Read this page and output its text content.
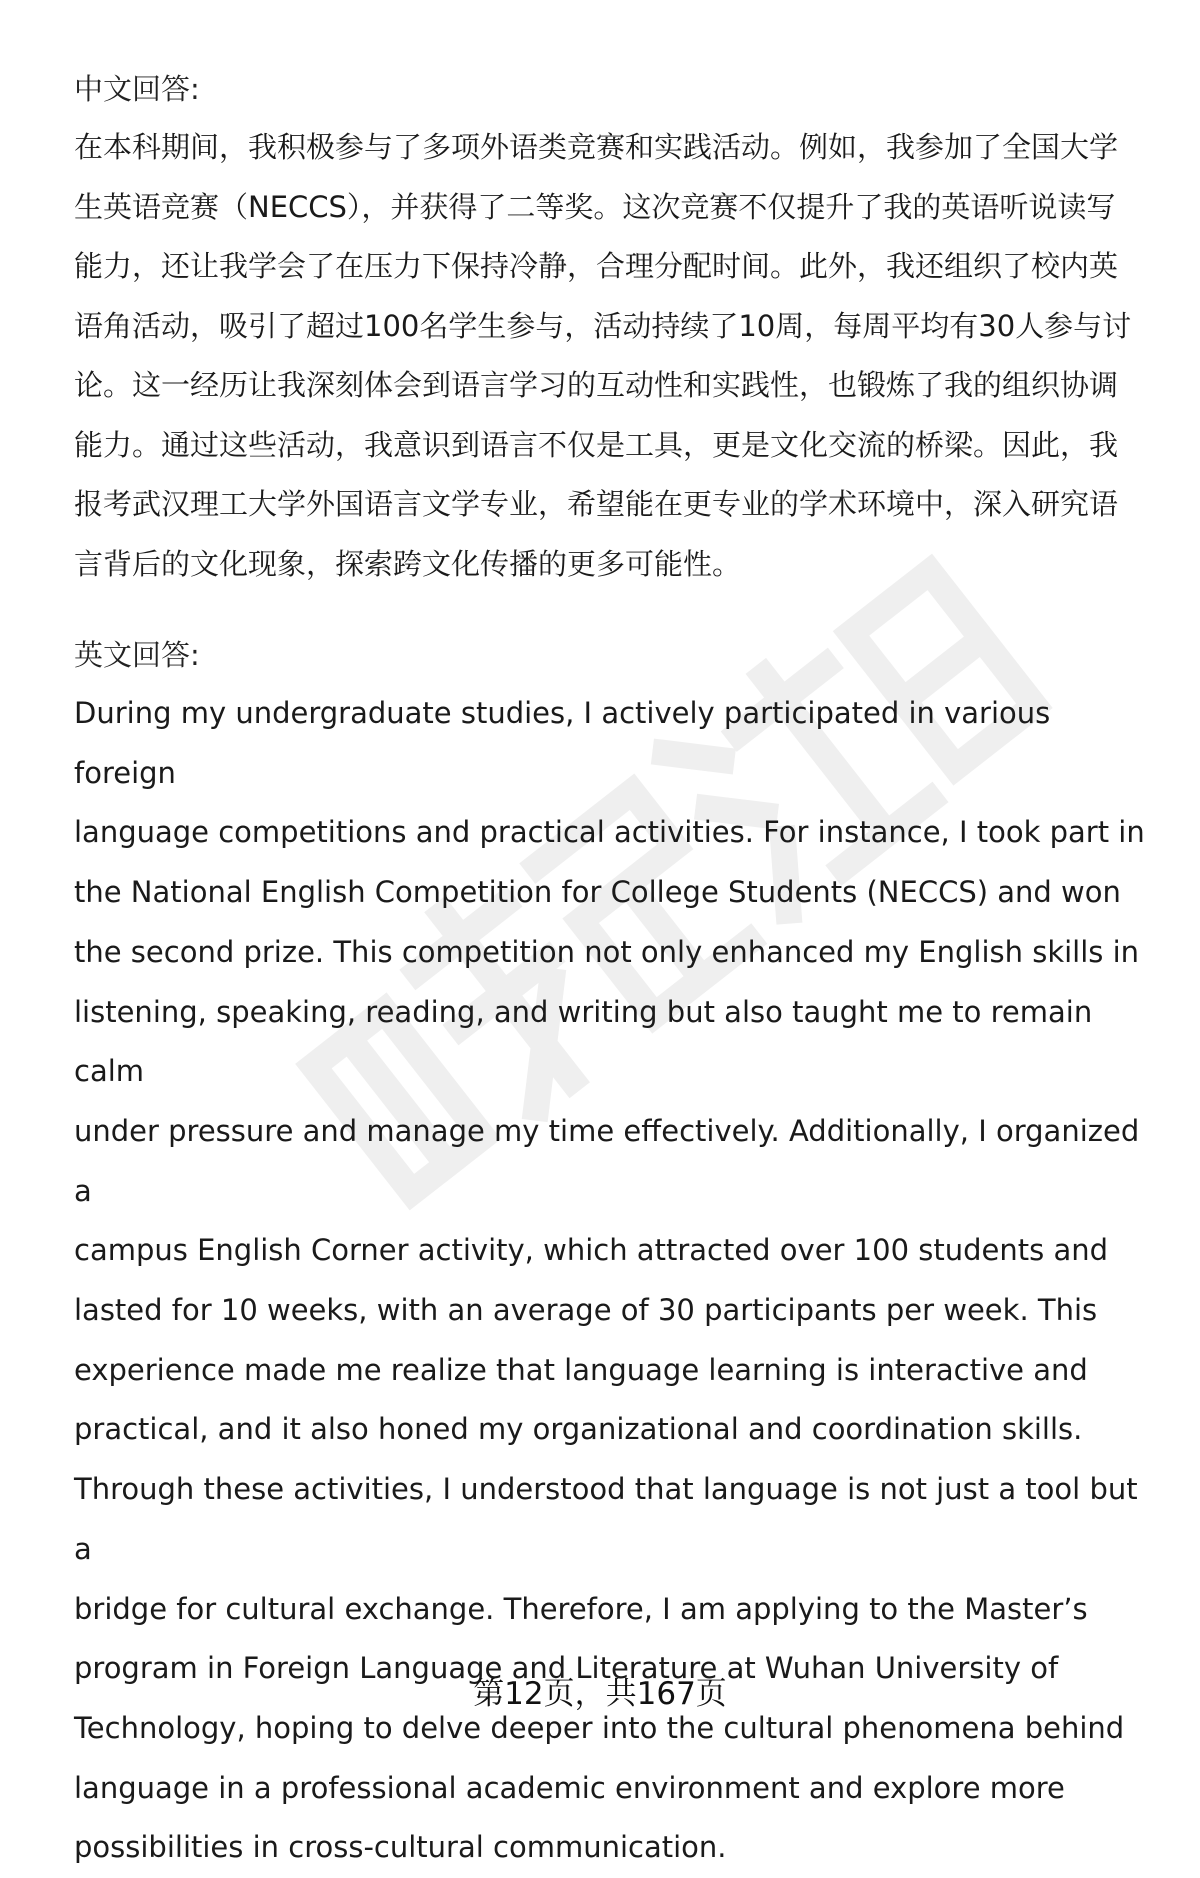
中文回答:

在本科期间，我积极参与了多项外语类竞赛和实践活动。例如，我参加了全国大学

生英语竞赛（NECCS），并获得了二等奖。这次竞赛不仅提升了我的英语听说读写

能力，还让我学会了在压力下保持冷静，合理分配时间。此外，我还组织了校内英

语角活动，吸引了超过100名学生参与，活动持续了10周，每周平均有30人参与讨

论。这一经历让我深刻体会到语言学习的互动性和实践性，也锻炼了我的组织协调

能力。通过这些活动，我意识到语言不仅是工具，更是文化交流的桥梁。因此，我

报考武汉理工大学外国语言文学专业，希望能在更专业的学术环境中，深入研究语

言背后的文化现象，探索跨文化传播的更多可能性。

英文回答:

During my undergraduate studies, I actively participated in various foreign

language competitions and practical activities. For instance, I took part in

the National English Competition for College Students (NECCS) and won

the second prize. This competition not only enhanced my English skills in

listening, speaking, reading, and writing but also taught me to remain calm

under pressure and manage my time effectively. Additionally, I organized a

campus English Corner activity, which attracted over 100 students and

lasted for 10 weeks, with an average of 30 participants per week. This

experience made me realize that language learning is interactive and

practical, and it also honed my organizational and coordination skills.

Through these activities, I understood that language is not just a tool but a

bridge for cultural exchange. Therefore, I am applying to the Master’s

program in Foreign Language and Literature at Wuhan University of

Technology, hoping to delve deeper into the cultural phenomena behind

language in a professional academic environment and explore more

possibilities in cross-cultural communication.

第12页，共167页
